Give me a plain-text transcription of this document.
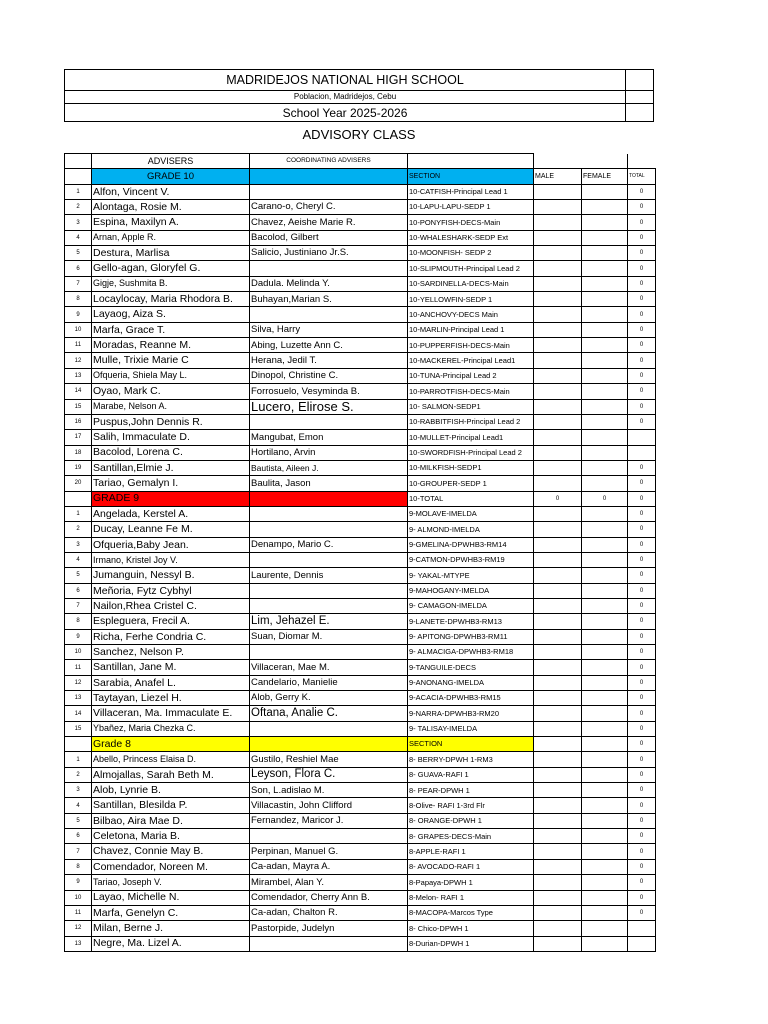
MADRIDEJOS NATIONAL HIGH SCHOOL	
Poblacion, Madridejos, Cebu	
School Year 2025-2026	
ADVISORY CLASS
	ADVISERS	COORDINATING ADVISERS				
	GRADE 10		SECTION	MALE	FEMALE	TOTAL
1	Alfon, Vincent V.		10-CATFISH-Principal Lead 1			0
2	Alontaga, Rosie M.	Carano-o, Cheryl C.	10-LAPU-LAPU-SEDP 1			0
3	Espina, Maxilyn A.	Chavez, Aeishe Marie R.	10-PONYFISH-DECS-Main			0
4	Arnan, Apple R.	Bacolod, Gilbert	10-WHALESHARK-SEDP Ext			0
5	Destura, Marlisa	Salicio, Justiniano Jr.S.	10-MOONFISH- SEDP 2			0
6	Gello-agan, Gloryfel G.		10-SLIPMOUTH-Principal Lead 2			0
7	Gigje, Sushmita B.	Dadula. Melinda Y.	10-SARDINELLA-DECS-Main			0
8	Locaylocay, Maria Rhodora B.	Buhayan,Marian S.	10-YELLOWFIN-SEDP 1			0
9	Layaog, Aiza S.		10-ANCHOVY-DECS Main			0
10	Marfa, Grace T.	Silva, Harry	10-MARLIN-Principal Lead 1			0
11	Moradas, Reanne M.	Abing, Luzette Ann C.	10-PUPPERFISH-DECS-Main			0
12	Mulle, Trixie Marie C	Herana, Jedil T.	10-MACKEREL-Principal Lead1			0
13	Ofqueria, Shiela May L.	Dinopol, Christine C.	10-TUNA-Principal Lead 2			0
14	Oyao, Mark C.	Forrosuelo, Vesyminda B.	10-PARROTFISH-DECS-Main			0
15	Marabe, Nelson A.	Lucero, Elirose S.	10- SALMON-SEDP1			0
16	Puspus,John Dennis R.		10-RABBITFISH-Principal Lead 2			0
17	Salih, Immaculate D.	Mangubat, Emon	10-MULLET-Principal Lead1			
18	Bacolod, Lorena C.	Hortilano, Arvin	10-SWORDFISH-Principal Lead 2			
19	Santillan,Elmie J.	Bautista, Aileen J.	10-MILKFISH-SEDP1			0
20	Tariao, Gemalyn I.	Baulita, Jason	10-GROUPER-SEDP 1			0
	GRADE 9		10-TOTAL	0	0	0
1	Angelada, Kerstel A.		9-MOLAVE-IMELDA			0
2	Ducay, Leanne Fe M.		9- ALMOND-IMELDA			0
3	Ofqueria,Baby Jean.	Denampo, Mario C.	9-GMELINA-DPWHB3-RM14			0
4	Irmano, Kristel Joy V.		9-CATMON-DPWHB3-RM19			0
5	Jumanguin, Nessyl B.	Laurente, Dennis	9- YAKAL-MTYPE			0
6	Meñoria, Fytz Cybhyl		9-MAHOGANY-IMELDA			0
7	Nailon,Rhea Cristel C.		9- CAMAGON-IMELDA			0
8	Espleguera, Frecil A.	Lim, Jehazel E.	9-LANETE-DPWHB3-RM13			0
9	Richa, Ferhe Condria C.	Suan, Diomar M.	9- APITONG-DPWHB3-RM11			0
10	Sanchez, Nelson P.		9- ALMACIGA-DPWHB3-RM18			0
11	Santillan, Jane M.	Villaceran, Mae M.	9-TANGUILE-DECS			0
12	Sarabia, Anafel L.	Candelario, Manielie	9-ANONANG-IMELDA			0
13	Taytayan, Liezel H.	Alob, Gerry K.	9-ACACIA-DPWHB3-RM15			0
14	Villaceran, Ma. Immaculate E.	Oftana, Analie C.	9-NARRA-DPWHB3-RM20			0
15	Ybañez, Maria Chezka C.		9- TALISAY-IMELDA			0
	Grade 8		SECTION			0
1	Abello, Princess Elaisa D.	Gustilo, Reshiel Mae	8- BERRY-DPWH 1-RM3			0
2	Almojallas, Sarah Beth M.	Leyson, Flora C.	8- GUAVA-RAFI 1			0
3	Alob, Lynrie B.	Son, L.adislao M.	8- PEAR-DPWH 1			0
4	Santillan, Blesilda P.	Villacastin, John Clifford	8-Olive- RAFI 1-3rd Flr			0
5	Bilbao, Aira Mae D.	Fernandez, Maricor J.	8- ORANGE-DPWH 1			0
6	Celetona, Maria B.		8- GRAPES-DECS-Main			0
7	Chavez, Connie May B.	Perpinan, Manuel G.	8-APPLE-RAFI 1			0
8	Comendador, Noreen M.	Ca-adan, Mayra A.	8- AVOCADO-RAFI 1			0
9	Tariao, Joseph V.	Mirambel, Alan Y.	8-Papaya-DPWH 1			0
10	Layao, Michelle N.	Comendador, Cherry Ann B.	8-Melon- RAFI 1			0
11	Marfa, Genelyn C.	Ca-adan, Chalton R.	8-MACOPA-Marcos Type			0
12	Milan, Berne J.	Pastorpide, Judelyn	8- Chico-DPWH 1			
13	Negre, Ma. Lizel A.		8-Durian-DPWH 1			
